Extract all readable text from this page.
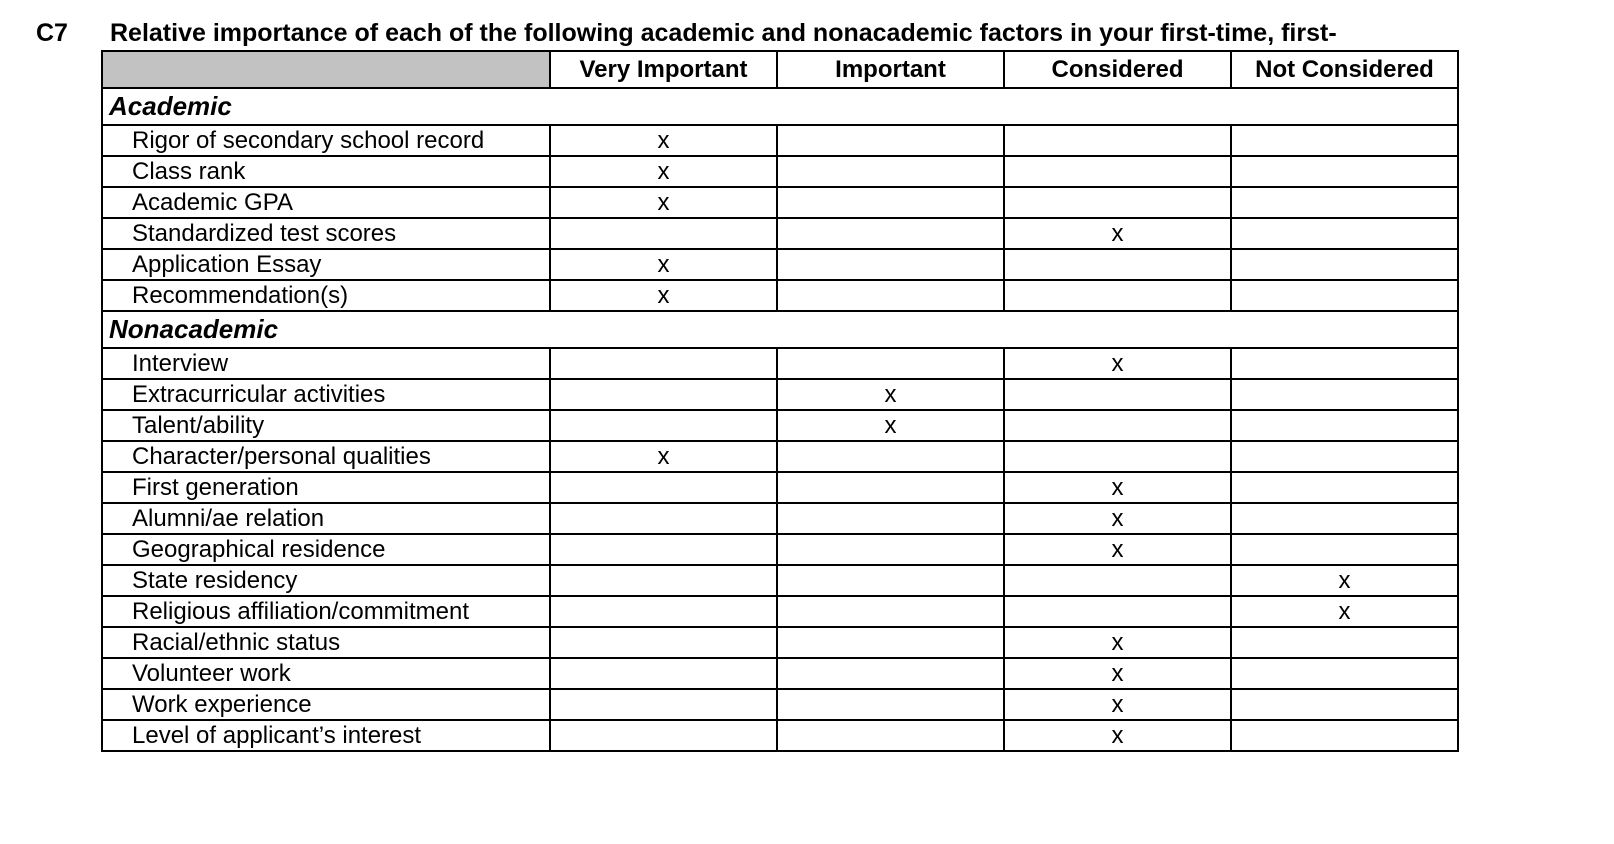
C7 Relative importance of each of the following academic and nonacademic factors in your first-time, first-
	Very Important	Important	Considered	Not Considered
Academic				
Rigor of secondary school record	x			
Class rank	x			
Academic GPA	x			
Standardized test scores			x	
Application Essay	x			
Recommendation(s)	x			
Nonacademic				
Interview			x	
Extracurricular activities		x		
Talent/ability		x		
Character/personal qualities	x			
First generation			x	
Alumni/ae relation			x	
Geographical residence			x	
State residency				x
Religious affiliation/commitment				x
Racial/ethnic status			x	
Volunteer work			x	
Work experience			x	
Level of applicant’s interest			x	
